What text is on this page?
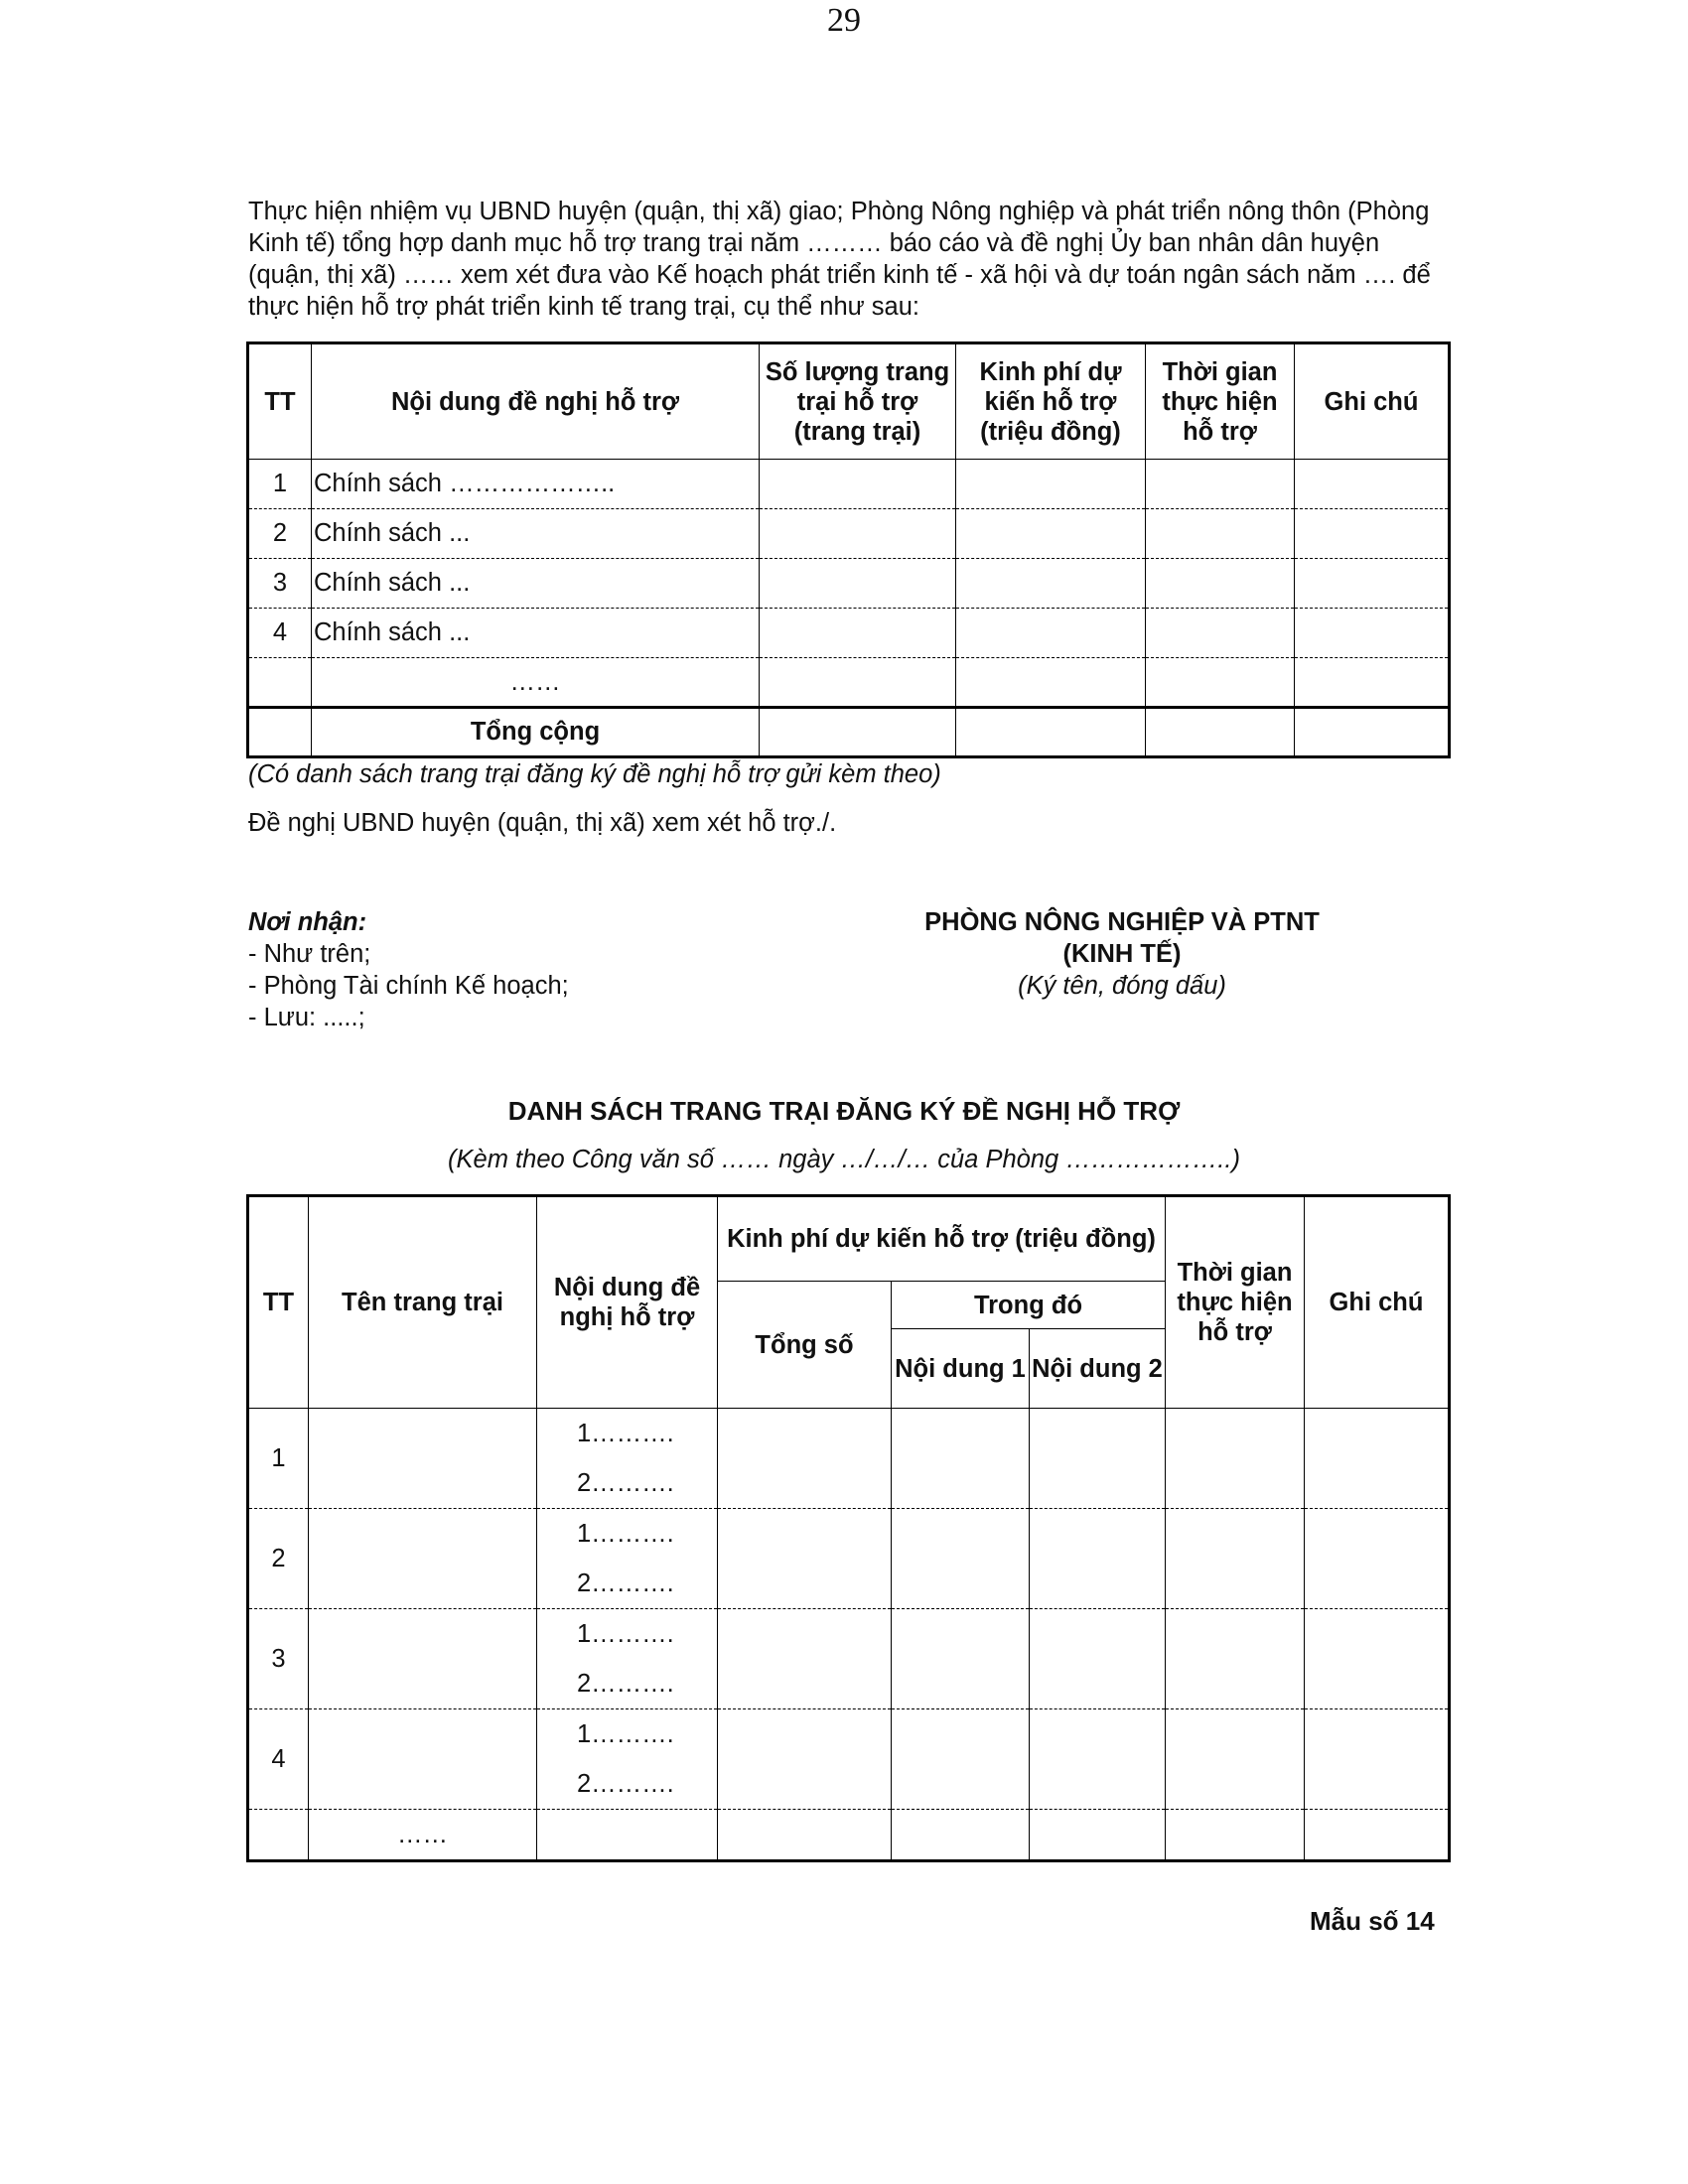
29

Thực hiện nhiệm vụ UBND huyện (quận, thị xã) giao; Phòng Nông nghiệp và phát triển nông thôn (Phòng Kinh tế) tổng hợp danh mục hỗ trợ trang trại năm ……… báo cáo và đề nghị Ủy ban nhân dân huyện (quận, thị xã) …… xem xét đưa vào Kế hoạch phát triển kinh tế - xã hội và dự toán ngân sách năm …. để thực hiện hỗ trợ phát triển kinh tế trang trại, cụ thể như sau:

TT	Nội dung đề nghị hỗ trợ	Số lượng trang trại hỗ trợ (trang trại)	Kinh phí dự kiến hỗ trợ (triệu đồng)	Thời gian thực hiện hỗ trợ	Ghi chú
1	Chính sách ………………..				
2	Chính sách ...				
3	Chính sách ...				
4	Chính sách ...				
	……				
	Tổng cộng				

(Có danh sách trang trại đăng ký đề nghị hỗ trợ gửi kèm theo)

Đề nghị UBND huyện (quận, thị xã) xem xét hỗ trợ./.

Nơi nhận:
- Như trên;
- Phòng Tài chính Kế hoạch;
- Lưu: .....;
PHÒNG NÔNG NGHIỆP VÀ PTNT
(KINH TẾ)
(Ký tên, đóng dấu)

DANH SÁCH TRANG TRẠI ĐĂNG KÝ ĐỀ NGHỊ HỖ TRỢ

(Kèm theo Công văn số …… ngày …/…/… của Phòng ………………..)

TT	Tên trang trại	Nội dung đề nghị hỗ trợ	Kinh phí dự kiến hỗ trợ (triệu đồng)			Thời gian thực hiện hỗ trợ	Ghi chú
			Tổng số	Trong đó			
				Nội dung 1	Nội dung 2		
1		1……….
2……….					

2		1……….
2……….					

3		1……….
2……….					

4		1……….
2……….					

	……						

Mẫu số 14
